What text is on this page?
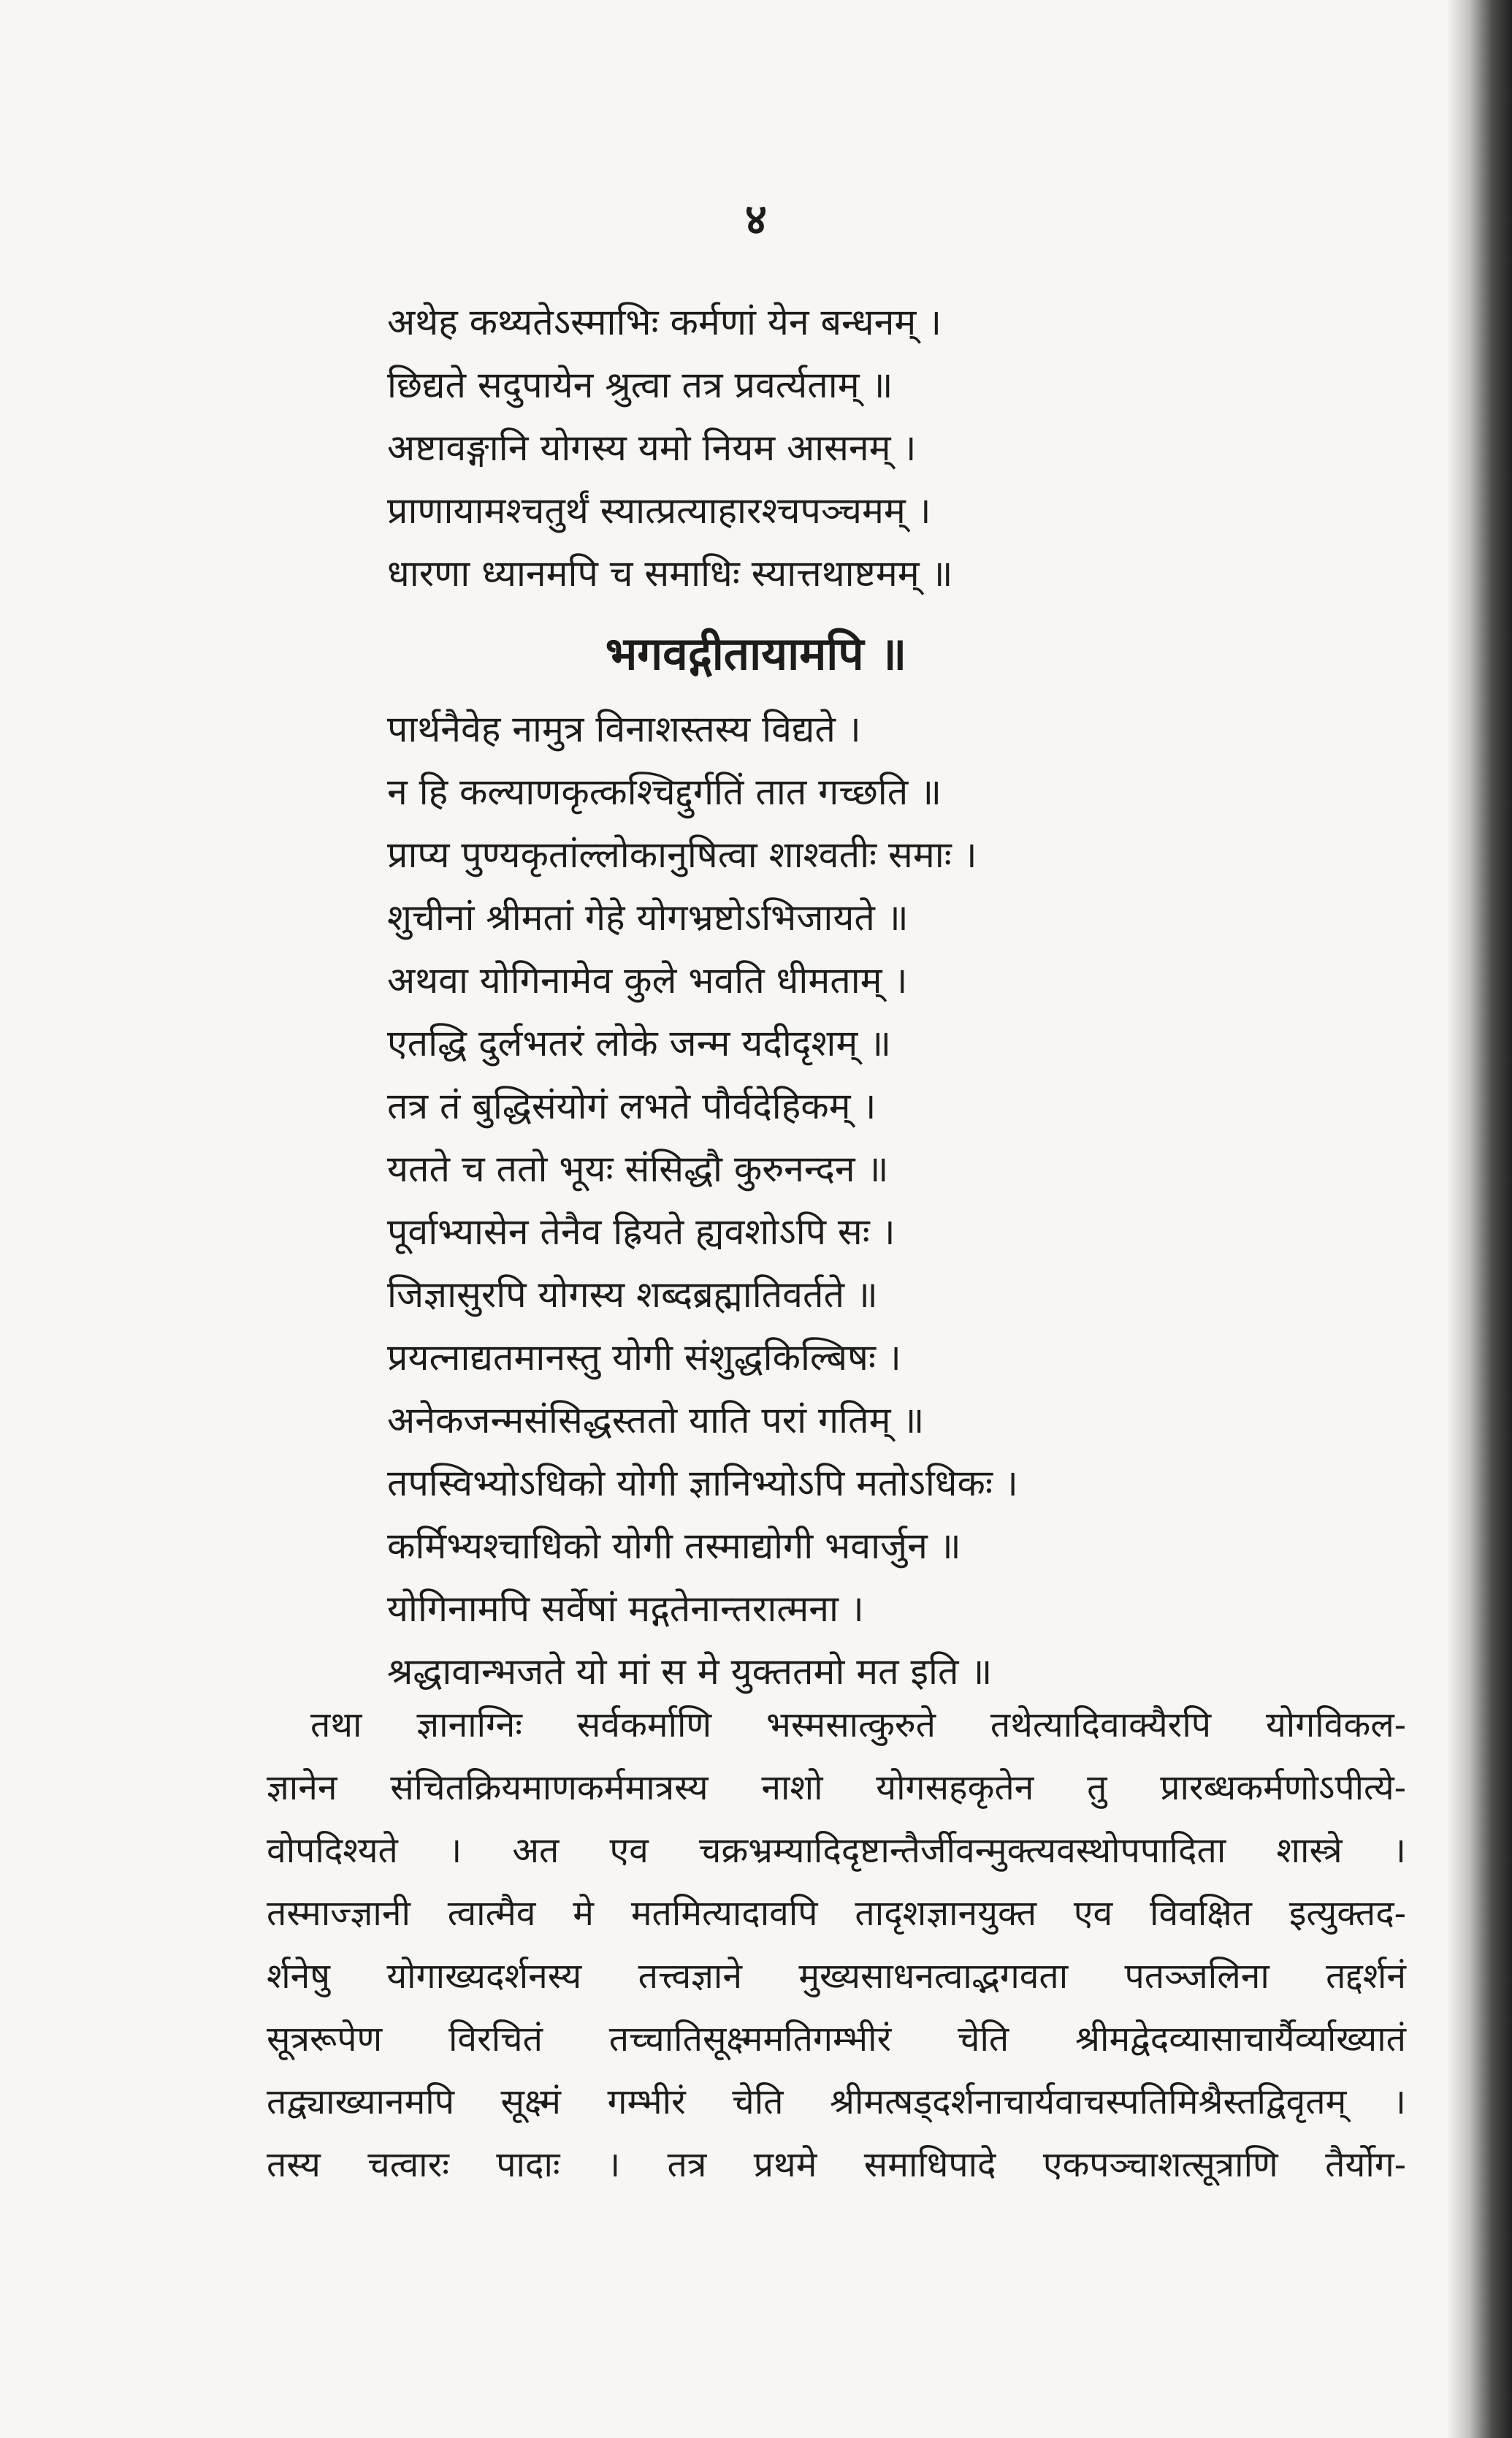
४
अथेह कथ्यतेऽस्माभिः कर्मणां येन बन्धनम् ।
छिद्यते सदुपायेन श्रुत्वा तत्र प्रवर्त्यताम् ॥
अष्टावङ्गानि योगस्य यमो नियम आसनम् ।
प्राणायामश्चतुर्थं स्यात्प्रत्याहारश्चपञ्चमम् ।
धारणा ध्यानमपि च समाधिः स्यात्तथाष्टमम् ॥
भगवद्गीतायामपि ॥
पार्थनैवेह नामुत्र विनाशस्तस्य विद्यते ।
न हि कल्याणकृत्कश्चिद्दुर्गतिं तात गच्छति ॥
प्राप्य पुण्यकृतांल्लोकानुषित्वा शाश्वतीः समाः ।
शुचीनां श्रीमतां गेहे योगभ्रष्टोऽभिजायते ॥
अथवा योगिनामेव कुले भवति धीमताम् ।
एतद्धि दुर्लभतरं लोके जन्म यदीदृशम् ॥
तत्र तं बुद्धिसंयोगं लभते पौर्वदेहिकम् ।
यतते च ततो भूयः संसिद्धौ कुरुनन्दन ॥
पूर्वाभ्यासेन तेनैव ह्रियते ह्यवशोऽपि सः ।
जिज्ञासुरपि योगस्य शब्दब्रह्मातिवर्तते ॥
प्रयत्नाद्यतमानस्तु योगी संशुद्धकिल्बिषः ।
अनेकजन्मसंसिद्धस्ततो याति परां गतिम् ॥
तपस्विभ्योऽधिको योगी ज्ञानिभ्योऽपि मतोऽधिकः ।
कर्मिभ्यश्चाधिको योगी तस्माद्योगी भवार्जुन ॥
योगिनामपि सर्वेषां मद्गतेनान्तरात्मना ।
श्रद्धावान्भजते यो मां स मे युक्ततमो मत इति ॥
तथा ज्ञानाग्निः सर्वकर्माणि भस्मसात्कुरुते तथेत्यादिवाक्यैरपि योगविकल-
ज्ञानेन संचितक्रियमाणकर्ममात्रस्य नाशो योगसहकृतेन तु प्रारब्धकर्मणोऽपीत्ये-
वोपदिश्यते । अत एव चक्रभ्रम्यादिदृष्टान्तैर्जीवन्मुक्त्यवस्थोपपादिता शास्त्रे ।
तस्माज्ज्ञानी त्वात्मैव मे मतमित्यादावपि तादृशज्ञानयुक्त एव विवक्षित इत्युक्तद-
र्शनेषु योगाख्यदर्शनस्य तत्त्वज्ञाने मुख्यसाधनत्वाद्भगवता पतञ्जलिना तद्दर्शनं
सूत्ररूपेण विरचितं तच्चातिसूक्ष्ममतिगम्भीरं चेति श्रीमद्वेदव्यासाचार्यैर्व्याख्यातं
तद्व्याख्यानमपि सूक्ष्मं गम्भीरं चेति श्रीमत्षड्दर्शनाचार्यवाचस्पतिमिश्रैस्तद्विवृतम् ।
तस्य चत्वारः पादाः । तत्र प्रथमे समाधिपादे एकपञ्चाशत्सूत्राणि तैर्योग-
